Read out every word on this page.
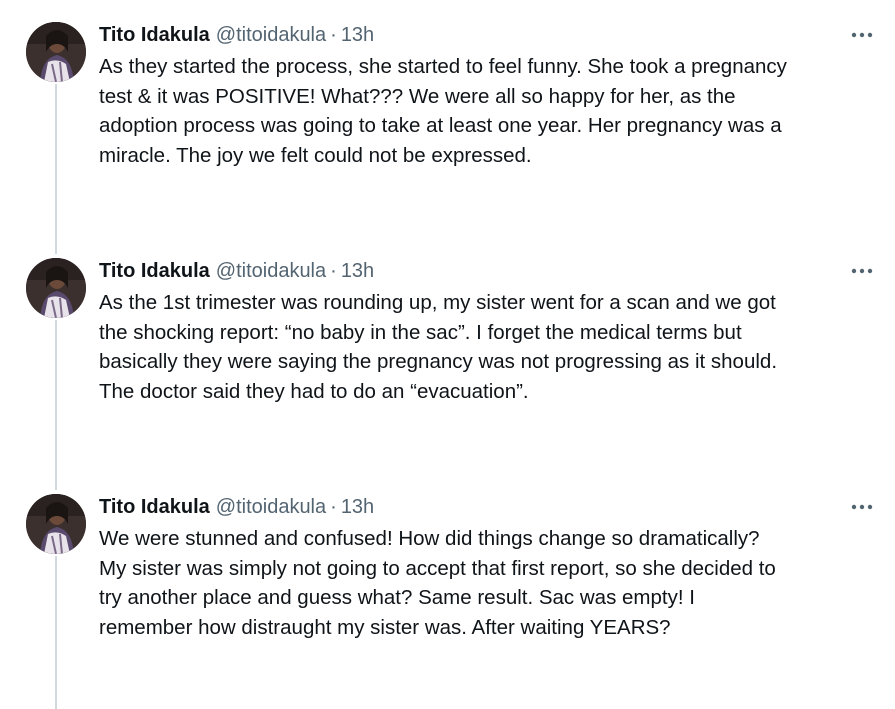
Tito Idakula @titoidakula · 13h
As they started the process, she started to feel funny. She took a pregnancy
test & it was POSITIVE! What??? We were all so happy for her, as the
adoption process was going to take at least one year. Her pregnancy was a
miracle. The joy we felt could not be expressed.
Tito Idakula @titoidakula · 13h
As the 1st trimester was rounding up, my sister went for a scan and we got
the shocking report: “no baby in the sac”. I forget the medical terms but
basically they were saying the pregnancy was not progressing as it should.
The doctor said they had to do an “evacuation”.
Tito Idakula @titoidakula · 13h
We were stunned and confused! How did things change so dramatically?
My sister was simply not going to accept that first report, so she decided to
try another place and guess what? Same result. Sac was empty! I
remember how distraught my sister was. After waiting YEARS?
